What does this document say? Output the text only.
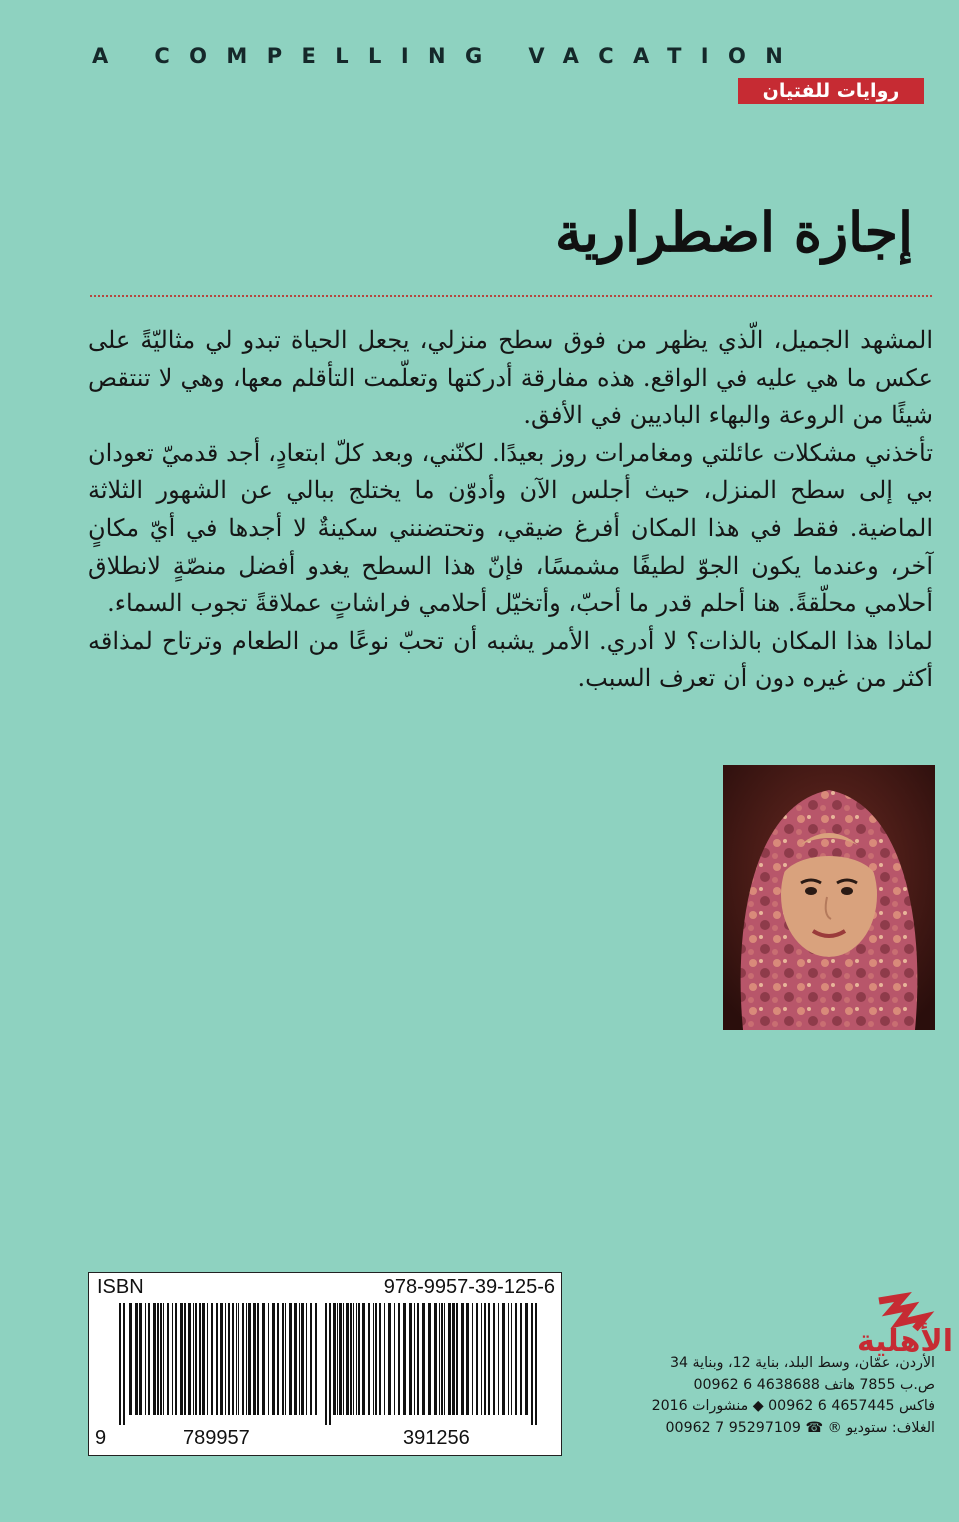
A COMPELLING VACATION
روايات للفتيان
إجازة اضطرارية

المشهد الجميل، الّذي يظهر من فوق سطح منزلي، يجعل الحياة تبدو لي مثاليّةً على عكس ما هي عليه في الواقع. هذه مفارقة أدركتها وتعلّمت التأقلم معها، وهي لا تنتقص شيئًا من الروعة والبهاء الباديين في الأفق.

تأخذني مشكلات عائلتي ومغامرات روز بعيدًا. لكنّني، وبعد كلّ ابتعادٍ، أجد قدميّ تعودان بي إلى سطح المنزل، حيث أجلس الآن وأدوّن ما يختلج ببالي عن الشهور الثلاثة الماضية. فقط في هذا المكان أفرغ ضيقي، وتحتضنني سكينةٌ لا أجدها في أيّ مكانٍ آخر، وعندما يكون الجوّ لطيفًا مشمسًا، فإنّ هذا السطح يغدو أفضل منصّةٍ لانطلاق أحلامي محلّقةً. هنا أحلم قدر ما أحبّ، وأتخيّل أحلامي فراشاتٍ عملاقةً تجوب السماء.

لماذا هذا المكان بالذات؟ لا أدري. الأمر يشبه أن تحبّ نوعًا من الطعام وترتاح لمذاقه أكثر من غيره دون أن تعرف السبب.

ISBN	978-9957-39-125-6
9	789957	391256
الأهلية
الأردن، عمّان، وسط البلد، بناية 12، وبناية 34
ص.ب 7855 هاتف 4638688 6 00962
فاكس 4657445 6 00962 ◆ منشورات 2016
الغلاف: ستوديو ® ☎ 95297109 7 00962
